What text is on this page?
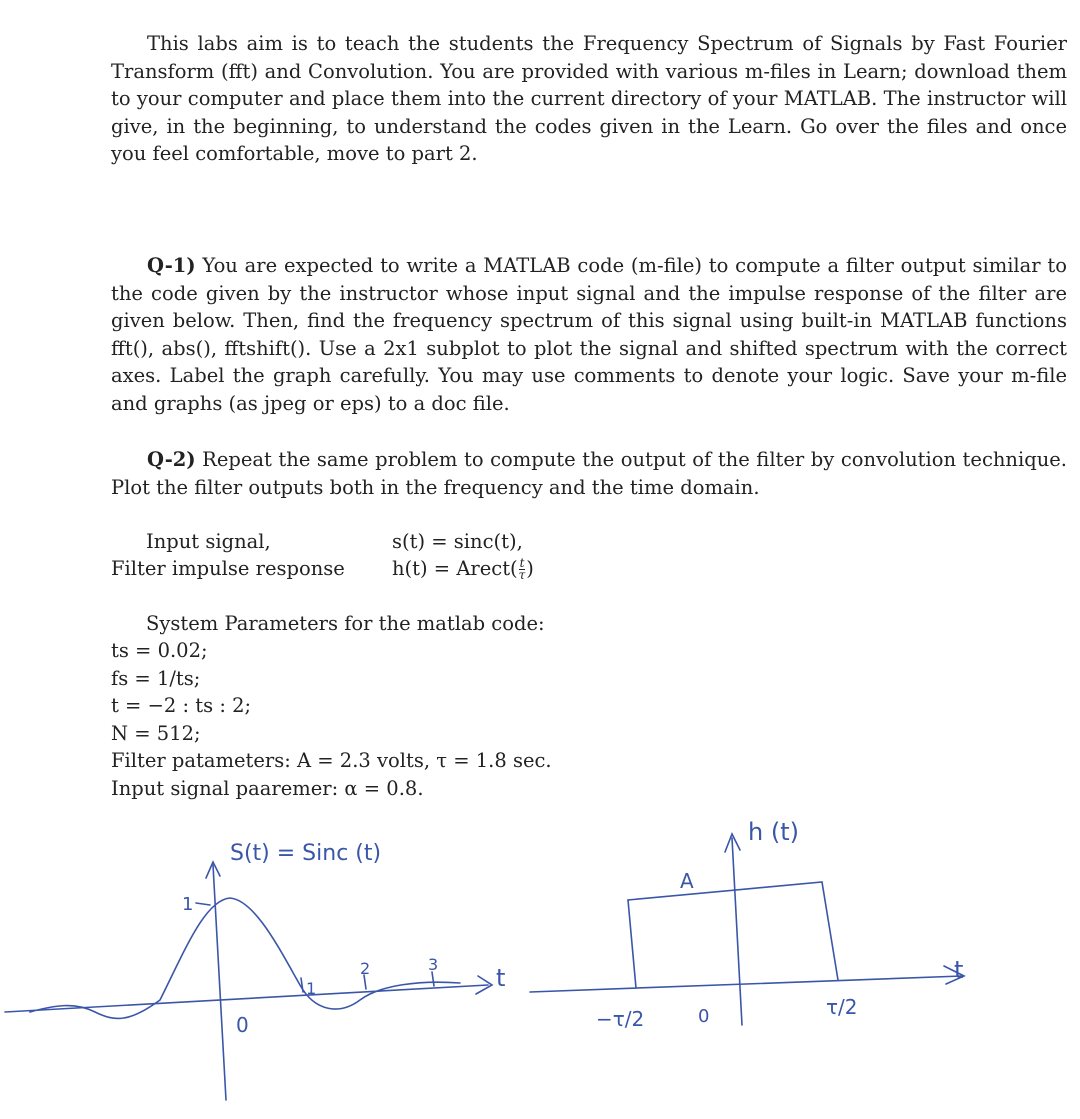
This labs aim is to teach the students the Frequency Spectrum of Signals by Fast Fourier Transform (fft) and Convolution. You are provided with various m-files in Learn; download them to your computer and place them into the current directory of your MATLAB. The instructor will give, in the beginning, to understand the codes given in the Learn. Go over the files and once you feel comfortable, move to part 2.

Q-1) You are expected to write a MATLAB code (m-file) to compute a filter output similar to the code given by the instructor whose input signal and the impulse response of the filter are given below. Then, find the frequency spectrum of this signal using built-in MATLAB functions fft(), abs(), fftshift(). Use a 2x1 subplot to plot the signal and shifted spectrum with the correct axes. Label the graph carefully. You may use comments to denote your logic. Save your m-file and graphs (as jpeg or eps) to a doc file.

Q-2) Repeat the same problem to compute the output of the filter by convolution technique. Plot the filter outputs both in the frequency and the time domain.

Input signal,	s(t) = sinc(t),
Filter impulse response h(t) = Arect( $\frac{t}{\tau}$ )
System Parameters for the matlab code:
ts = 0.02;
fs = 1/ts;
t = −2 : ts : 2;
N = 512;
Filter patameters: A = 2.3 volts, τ = 1.8 sec.
Input signal paaremer: α = 0.8.
S(t) = Sinc (t)
1
0
1
2	3 t
h (t)
A
−τ/2	0	τ/2
t
